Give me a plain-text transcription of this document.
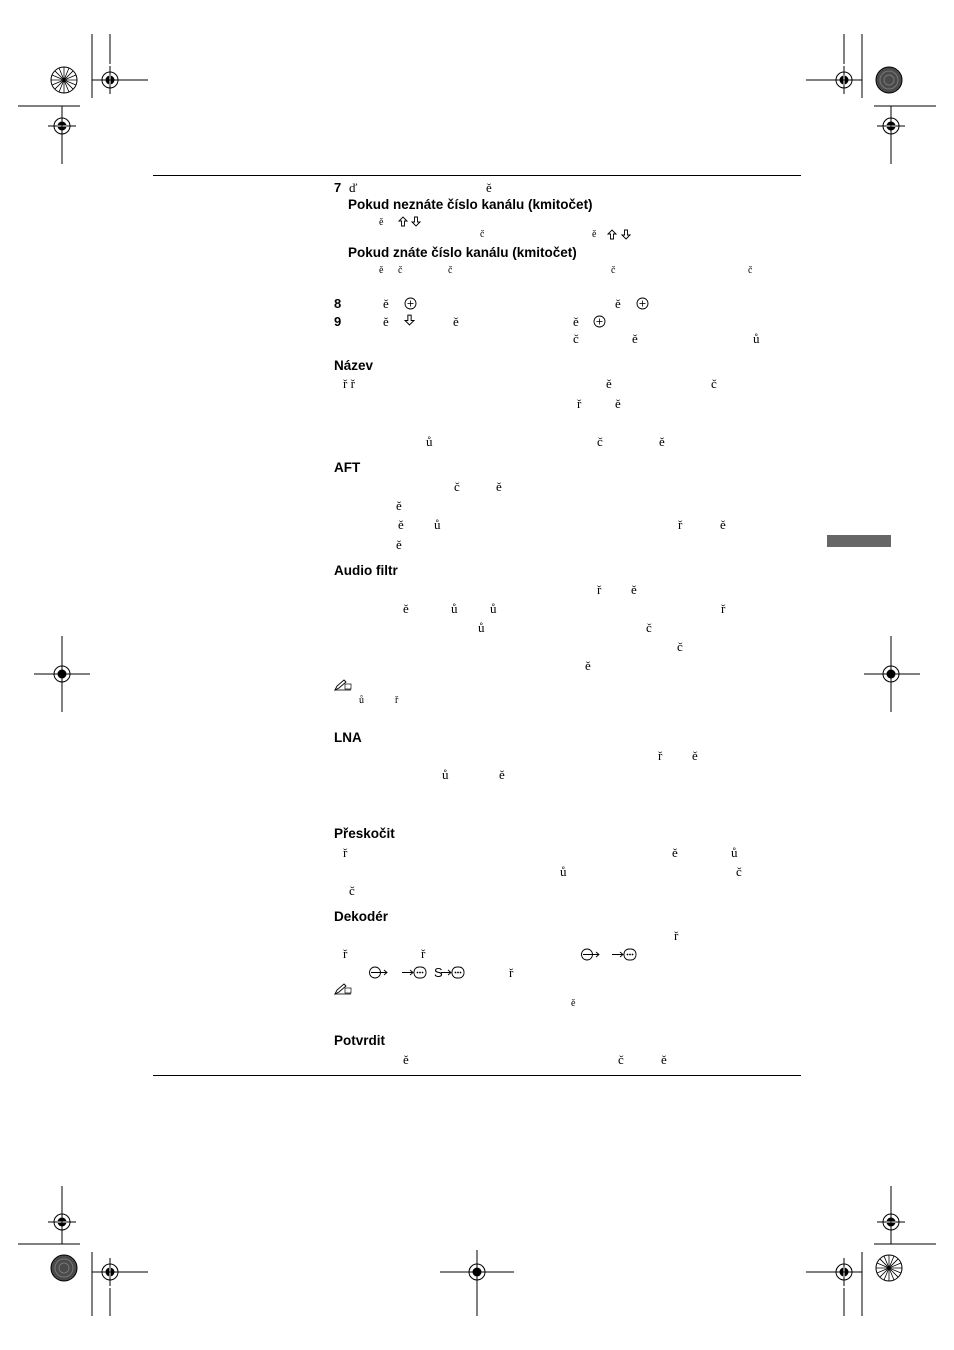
7 ď	ě
Pokud neznáte číslo kanálu (kmitočet)
ě
č	ě
Pokud znáte číslo kanálu (kmitočet)
ě č	č	č	č
8	ě	ě
9	ě	ě	ě
č	ě	ů
Název
ř ř	ě	č
ř	ě
ů	č	ě
AFT
č	ě
ě
ě ů	ř	ě
ě
Audio filtr
ř ě
ě	ů	ů	ř
ů	č
č
ě
ů	ř
LNA
ř ě
ů	ě
Přeskočit
ř	ě	ů
ů	č
č
Dekodér
ř
ř	ř
S	ř
ě
Potvrdit
ě	č	ě
